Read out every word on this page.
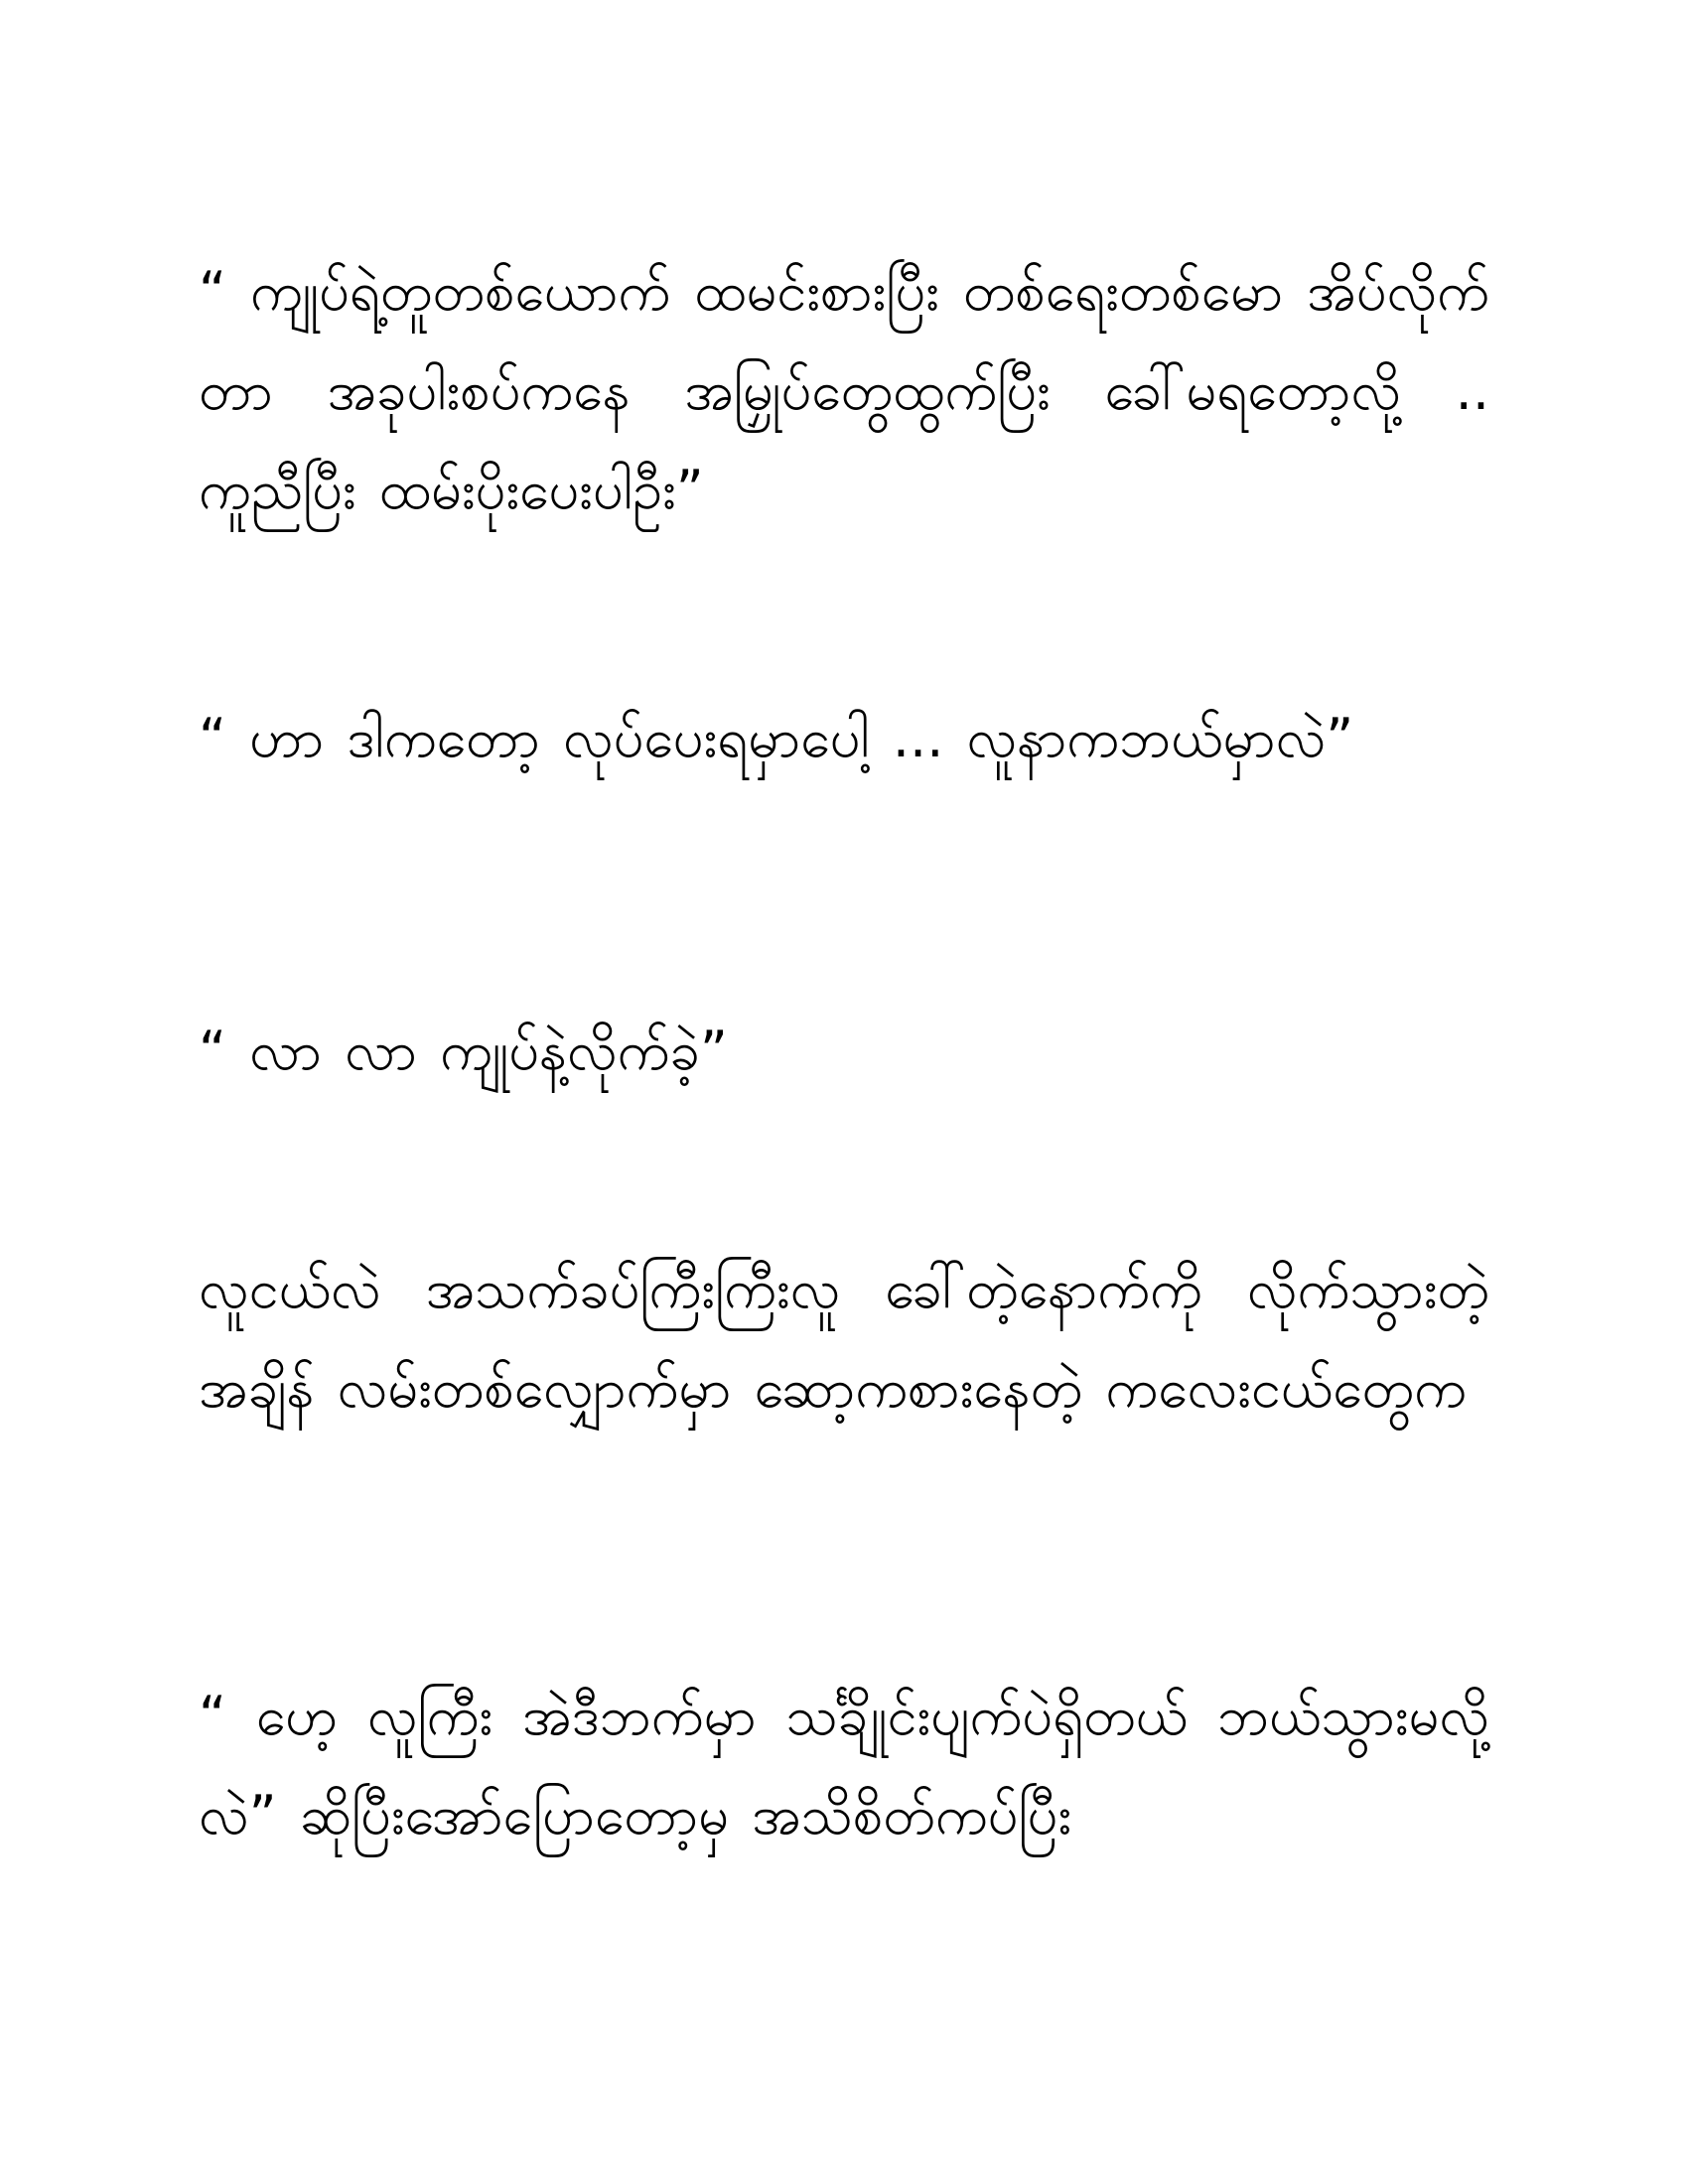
“ ကျုပ်ရဲ့တူတစ်ယောက် ထမင်းစားပြီး တစ်ရေးတစ်မော အိပ်လိုက်တာ အခုပါးစပ်ကနေ အမြှုပ်တွေထွက်ပြီး ခေါ်မရတော့လို့ .. ကူညီပြီး ထမ်းပိုးပေးပါဦး”

“ ဟာ ဒါကတော့ လုပ်ပေးရမှာပေါ့ ... လူနာကဘယ်မှာလဲ”

“ လာ လာ ကျုပ်နဲ့လိုက်ခဲ့”

လူငယ်လဲ အသက်ခပ်ကြီးကြီးလူ ခေါ်တဲ့နောက်ကို လိုက်သွားတဲ့အချိန် လမ်းတစ်လျှောက်မှာ ဆော့ကစားနေတဲ့ ကလေးငယ်တွေက

“ ဟေ့ လူကြီး အဲဒီဘက်မှာ သင်္ချိုင်းပျက်ပဲရှိတယ် ဘယ်သွားမလို့လဲ” ဆိုပြီးအော်ပြောတော့မှ အသိစိတ်ကပ်ပြီး
